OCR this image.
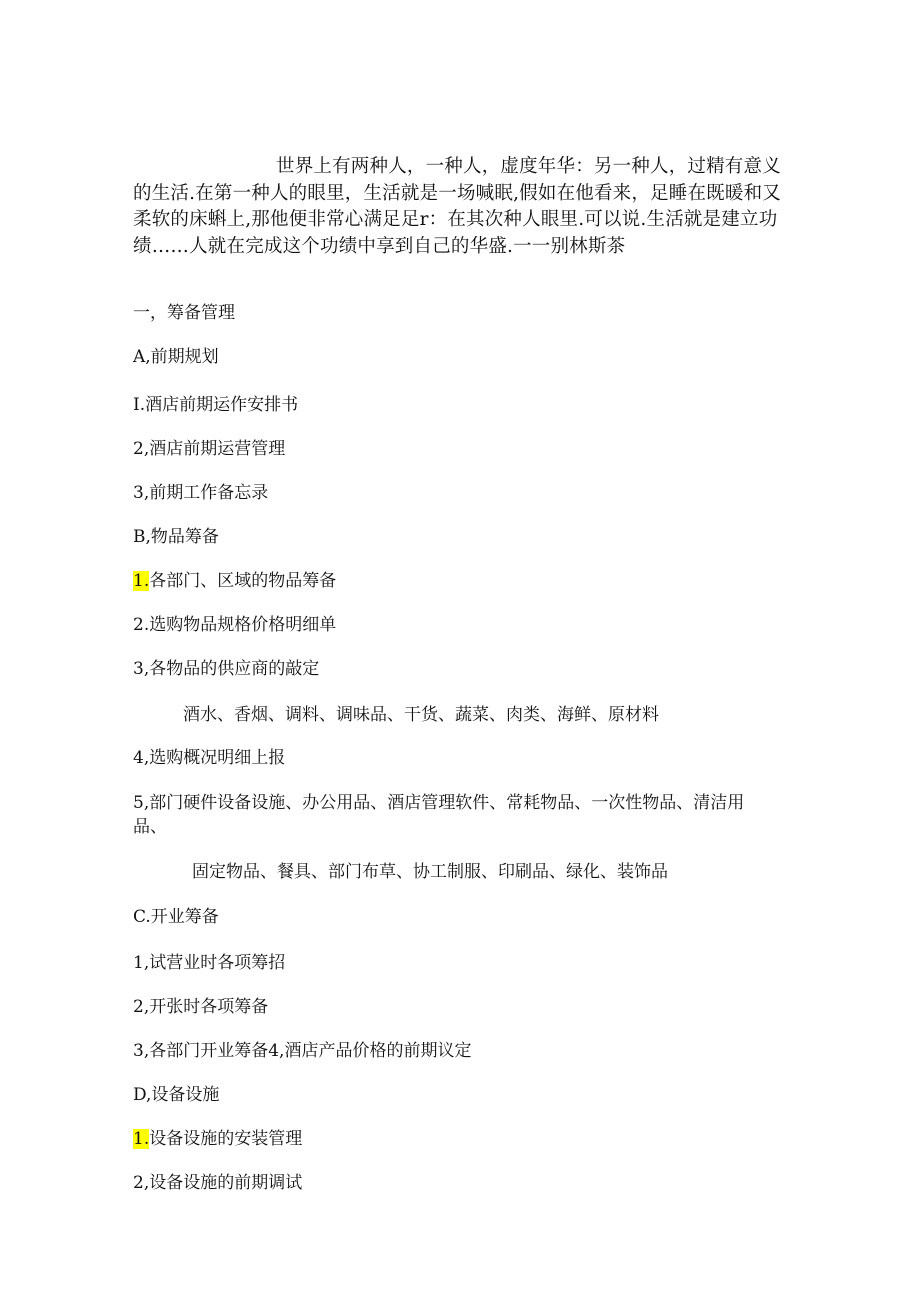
世界上有两种人，一种人，虚度年华：另一种人，过精有意义的生活.在第一种人的眼里，生活就是一场喊眠,假如在他看来，足睡在既暖和又柔软的床蝌上,那他便非常心满足足r：在其次种人眼里.可以说.生活就是建立功绩……人就在完成这个功绩中享到自己的华盛.一一别林斯茶

一，筹备管理

A,前期规划

I.酒店前期运作安排书

2,酒店前期运营管理

3,前期工作备忘录

B,物品筹备

1.各部门、区域的物品筹备

2.选购物品规格价格明细单

3,各物品的供应商的敲定

酒水、香烟、调料、调味品、干货、蔬菜、肉类、海鲜、原材料

4,选购概况明细上报

5,部门硬件设备设施、办公用品、酒店管理软件、常耗物品、一次性物品、清洁用品、

固定物品、餐具、部门布草、协工制服、印刷品、绿化、装饰品

C.开业筹备

1,试营业时各项筹招

2,开张时各项筹备

3,各部门开业筹备4,酒店产品价格的前期议定

D,设备设施

1.设备设施的安装管理

2,设备设施的前期调试
